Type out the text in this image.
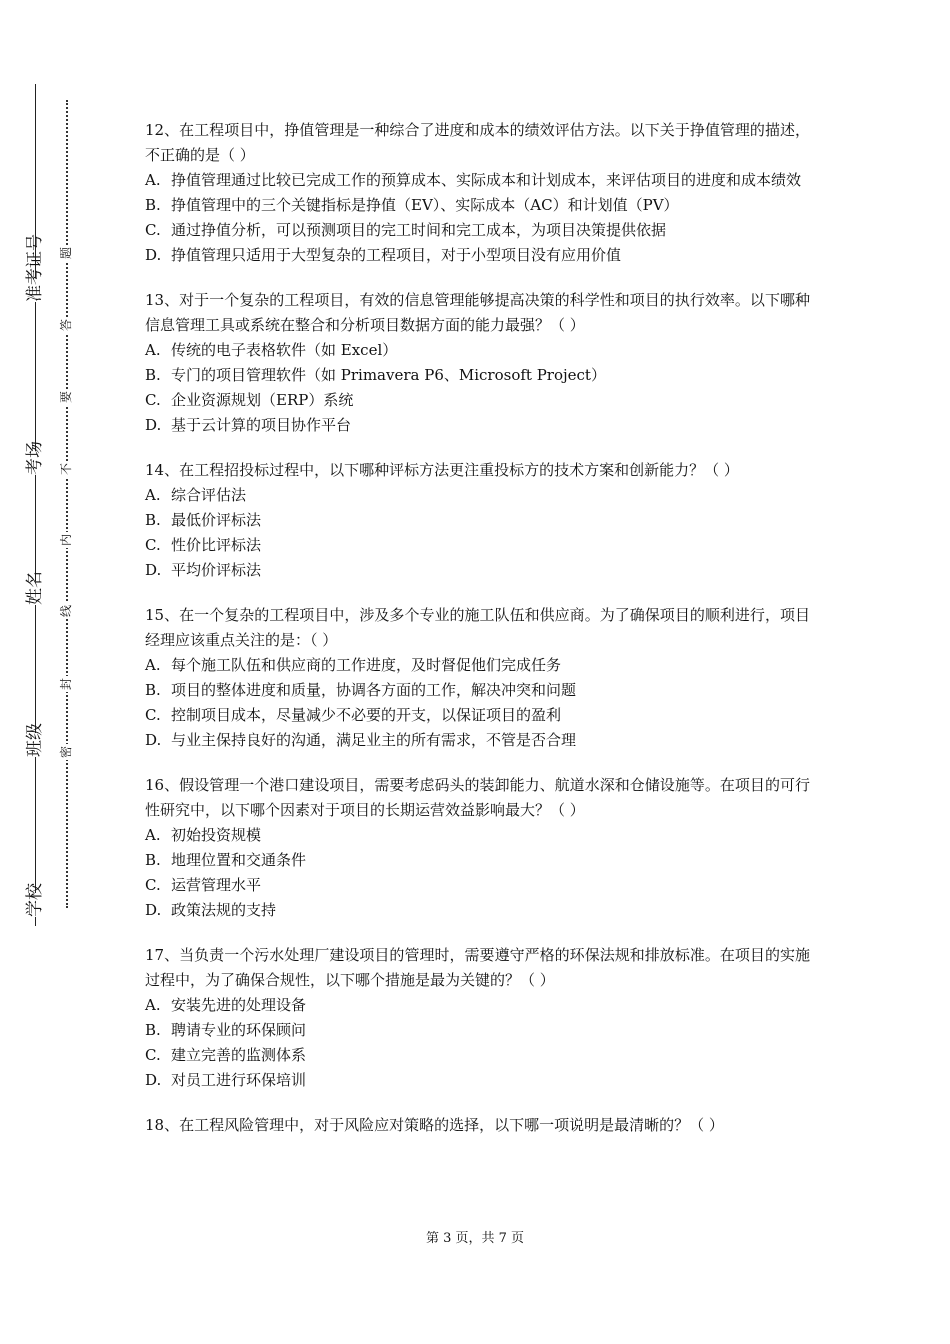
学校
班级
姓名
考场
准考证号
密
封
线
内
不
要
答
题

12、在工程项目中，挣值管理是一种综合了进度和成本的绩效评估方法。以下关于挣值管理的描述，不正确的是（ ）

A. 挣值管理通过比较已完成工作的预算成本、实际成本和计划成本，来评估项目的进度和成本绩效
B. 挣值管理中的三个关键指标是挣值（EV）、实际成本（AC）和计划值（PV）
C. 通过挣值分析，可以预测项目的完工时间和完工成本，为项目决策提供依据
D. 挣值管理只适用于大型复杂的工程项目，对于小型项目没有应用价值

13、对于一个复杂的工程项目，有效的信息管理能够提高决策的科学性和项目的执行效率。以下哪种信息管理工具或系统在整合和分析项目数据方面的能力最强？（ ）

A. 传统的电子表格软件（如 Excel）
B. 专门的项目管理软件（如 Primavera P6、Microsoft Project）
C. 企业资源规划（ERP）系统
D. 基于云计算的项目协作平台

14、在工程招投标过程中，以下哪种评标方法更注重投标方的技术方案和创新能力？（ ）

A. 综合评估法
B. 最低价评标法
C. 性价比评标法
D. 平均价评标法

15、在一个复杂的工程项目中，涉及多个专业的施工队伍和供应商。为了确保项目的顺利进行，项目经理应该重点关注的是：（ ）

A. 每个施工队伍和供应商的工作进度，及时督促他们完成任务
B. 项目的整体进度和质量，协调各方面的工作，解决冲突和问题
C. 控制项目成本，尽量减少不必要的开支，以保证项目的盈利
D. 与业主保持良好的沟通，满足业主的所有需求，不管是否合理

16、假设管理一个港口建设项目，需要考虑码头的装卸能力、航道水深和仓储设施等。在项目的可行性研究中，以下哪个因素对于项目的长期运营效益影响最大？（ ）

A. 初始投资规模
B. 地理位置和交通条件
C. 运营管理水平
D. 政策法规的支持

17、当负责一个污水处理厂建设项目的管理时，需要遵守严格的环保法规和排放标准。在项目的实施过程中，为了确保合规性，以下哪个措施是最为关键的？（ ）

A. 安装先进的处理设备
B. 聘请专业的环保顾问
C. 建立完善的监测体系
D. 对员工进行环保培训

18、在工程风险管理中，对于风险应对策略的选择，以下哪一项说明是最清晰的？（ ）

第 3 页，共 7 页
